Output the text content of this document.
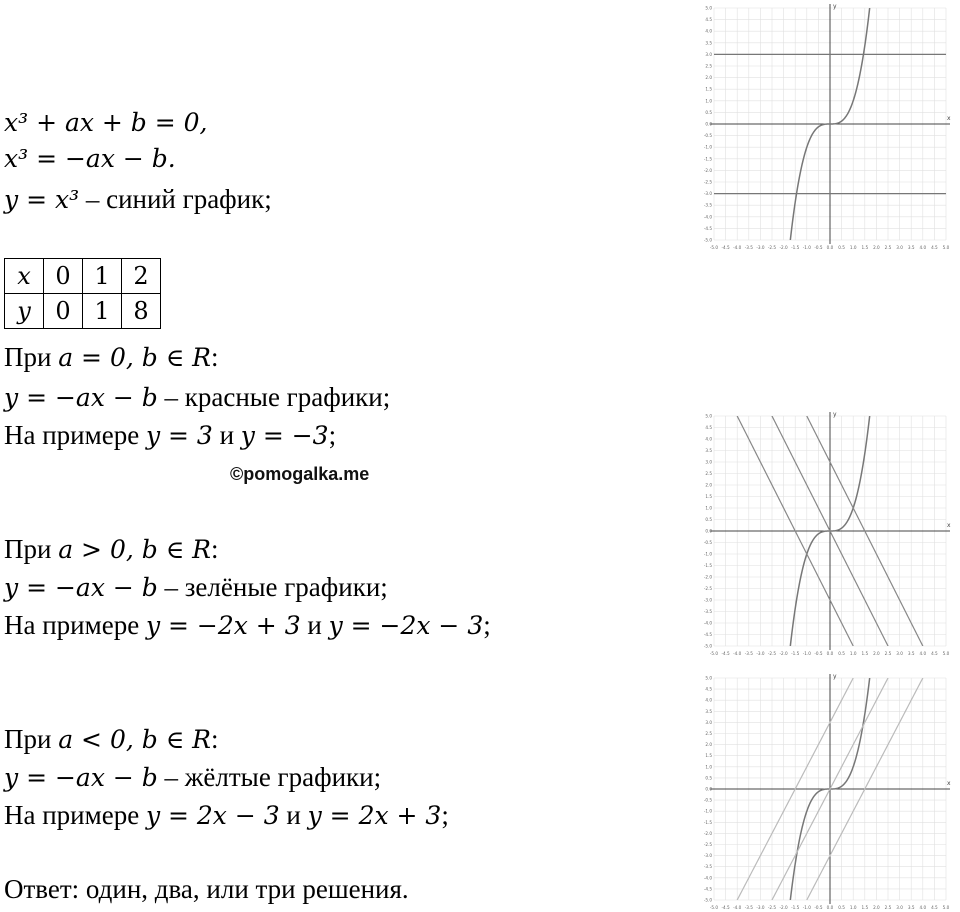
x³ + ax + b = 0,
x³ = −ax − b.
y = x³ – синий график;
x	0	1	2
y	0	1	8
При a = 0, b ∈ R:
y = −ax − b – красные графики;
На примере y = 3 и y = −3;
©pomogalka.me
При a > 0, b ∈ R:
y = −ax − b – зелёные графики;
На примере y = −2x + 3 и y = −2x − 3;
При a < 0, b ∈ R:
y = −ax − b – жёлтые графики;
На примере y = 2x − 3 и y = 2x + 3;
Ответ: один, два, или три решения.
x
y
-5.0 -4.5 -4.0 -3.5 -3.0 -2.5 -2.0 -1.5 -1.0 -0.5 0.0 0.5 1.0 1.5 2.0 2.5 3.0 3.5 4.0 4.5 5.0
-5.0
-4.5
-4.0
-3.5
-3.0
-2.5
-2.0
-1.5
-1.0
-0.5
0.0
0.5
1.0
1.5
2.0
2.5
3.0
3.5
4.0
4.5
5.0
x
y
-5.0 -4.5 -4.0 -3.5 -3.0 -2.5 -2.0 -1.5 -1.0 -0.5 0.0 0.5 1.0 1.5 2.0 2.5 3.0 3.5 4.0 4.5 5.0
-5.0
-4.5
-4.0
-3.5
-3.0
-2.5
-2.0
-1.5
-1.0
-0.5
0.0
0.5
1.0
1.5
2.0
2.5
3.0
3.5
4.0
4.5
5.0
x
y
-5.0 -4.5 -4.0 -3.5 -3.0 -2.5 -2.0 -1.5 -1.0 -0.5 0.0 0.5 1.0 1.5 2.0 2.5 3.0 3.5 4.0 4.5 5.0
-5.0
-4.5
-4.0
-3.5
-3.0
-2.5
-2.0
-1.5
-1.0
-0.5
0.0
0.5
1.0
1.5
2.0
2.5
3.0
3.5
4.0
4.5
5.0
